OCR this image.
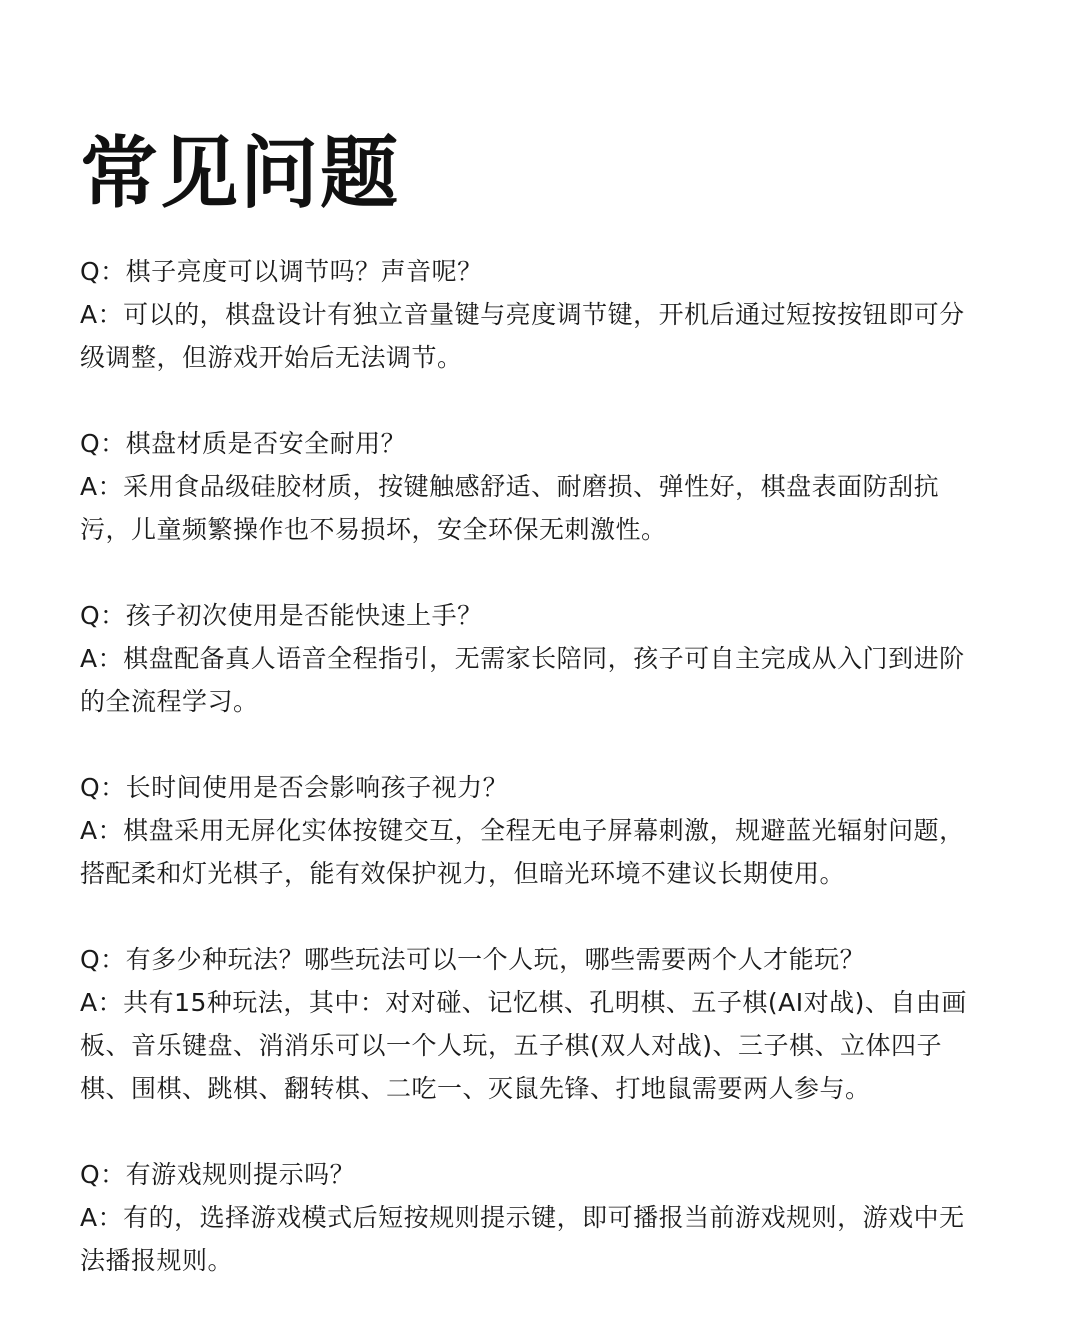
常见问题

Q：棋子亮度可以调节吗？声音呢？

A：可以的，棋盘设计有独立音量键与亮度调节键，开机后通过短按按钮即可分级调整，但游戏开始后无法调节。

Q：棋盘材质是否安全耐用？

A：采用食品级硅胶材质，按键触感舒适、耐磨损、弹性好，棋盘表面防刮抗污，儿童频繁操作也不易损坏，安全环保无刺激性。

Q：孩子初次使用是否能快速上手？

A：棋盘配备真人语音全程指引，无需家长陪同，孩子可自主完成从入门到进阶的全流程学习。

Q：长时间使用是否会影响孩子视力？

A：棋盘采用无屏化实体按键交互，全程无电子屏幕刺激，规避蓝光辐射问题，搭配柔和灯光棋子，能有效保护视力，但暗光环境不建议长期使用。

Q：有多少种玩法？哪些玩法可以一个人玩，哪些需要两个人才能玩？

A：共有15种玩法，其中：对对碰、记忆棋、孔明棋、五子棋(AI对战)、自由画板、音乐键盘、消消乐可以一个人玩，五子棋(双人对战)、三子棋、立体四子棋、围棋、跳棋、翻转棋、二吃一、灭鼠先锋、打地鼠需要两人参与。

Q：有游戏规则提示吗？

A：有的，选择游戏模式后短按规则提示键，即可播报当前游戏规则，游戏中无法播报规则。
